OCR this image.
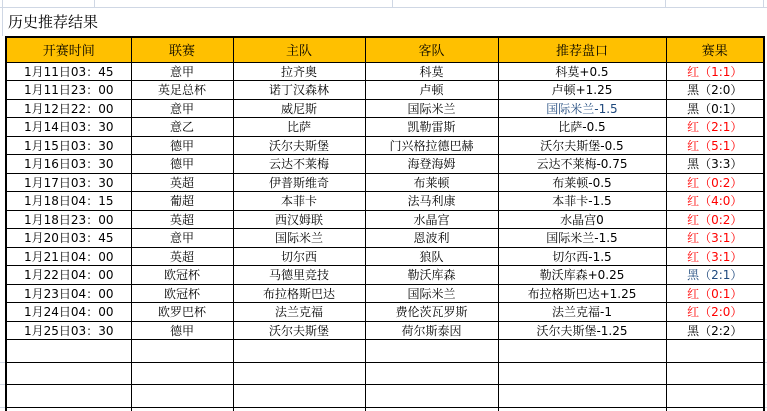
历史推荐结果
开赛时间	联赛	主队	客队	推荐盘口	赛果
1月11日03：45	意甲	拉齐奥	科莫	科莫+0.5	红（1:1）
1月11日23：00	英足总杯	诺丁汉森林	卢顿	卢顿+1.25	黑（2:0）
1月12日22：00	意甲	威尼斯	国际米兰	国际米兰-1.5	黑（0:1）
1月14日03：30	意乙	比萨	凯勒雷斯	比萨-0.5	红（2:1）
1月15日03：30	德甲	沃尔夫斯堡	门兴格拉德巴赫	沃尔夫斯堡-0.5	红（5:1）
1月16日03：30	德甲	云达不莱梅	海登海姆	云达不莱梅-0.75	黑（3:3）
1月17日03：30	英超	伊普斯维奇	布莱顿	布莱顿-0.5	红（0:2）
1月18日04：15	葡超	本菲卡	法马利康	本菲卡-1.5	红（4:0）
1月18日23：00	英超	西汉姆联	水晶宫	水晶宫0	红（0:2）
1月20日03：45	意甲	国际米兰	恩波利	国际米兰-1.5	红（3:1）
1月21日04：00	英超	切尔西	狼队	切尔西-1.5	红（3:1）
1月22日04：00	欧冠杯	马德里竞技	勒沃库森	勒沃库森+0.25	黑（2:1）
1月23日04：00	欧冠杯	布拉格斯巴达	国际米兰	布拉格斯巴达+1.25	红（0:1）
1月24日04：00	欧罗巴杯	法兰克福	费伦茨瓦罗斯	法兰克福-1	红（2:0）
1月25日03：30	德甲	沃尔夫斯堡	荷尔斯泰因	沃尔夫斯堡-1.25	黑（2:2）
